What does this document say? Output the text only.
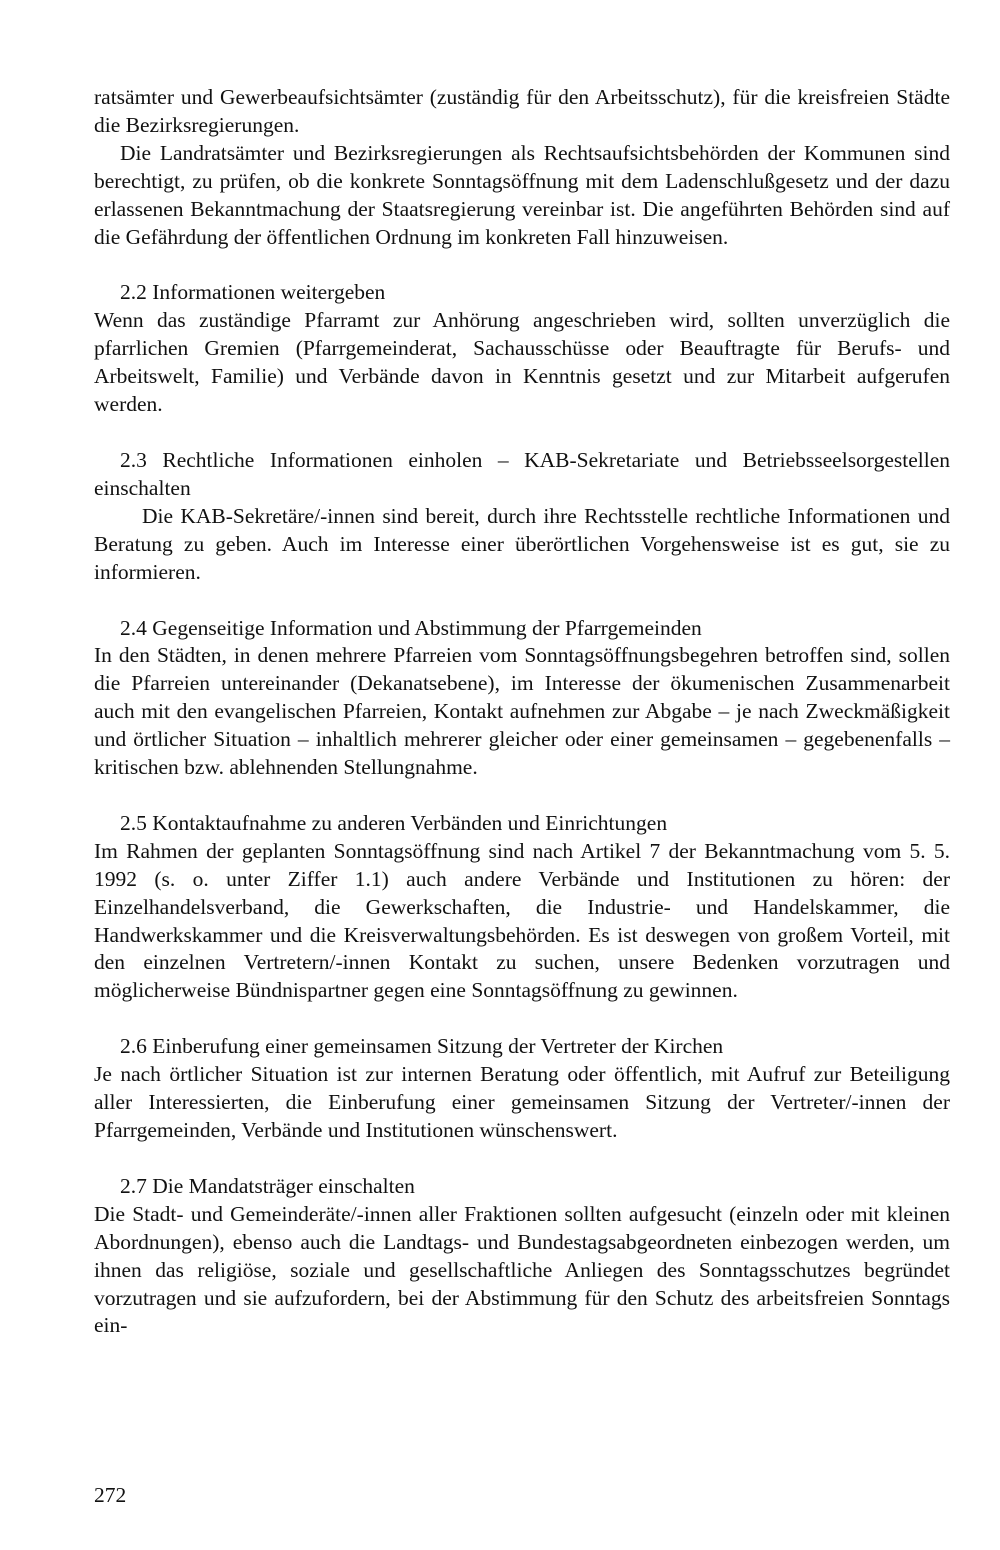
ratsämter und Gewerbeaufsichtsämter (zuständig für den Arbeitsschutz), für die kreisfreien Städte die Bezirksregierungen.

Die Landratsämter und Bezirksregierungen als Rechtsaufsichtsbehörden der Kommunen sind berechtigt, zu prüfen, ob die konkrete Sonntagsöffnung mit dem Ladenschlußgesetz und der dazu erlassenen Bekanntmachung der Staatsregierung vereinbar ist. Die angeführten Behörden sind auf die Gefährdung der öffentlichen Ordnung im konkreten Fall hinzuweisen.

2.2 Informationen weitergeben

Wenn das zuständige Pfarramt zur Anhörung angeschrieben wird, sollten unverzüglich die pfarrlichen Gremien (Pfarrgemeinderat, Sachausschüsse oder Beauftragte für Berufs- und Arbeitswelt, Familie) und Verbände davon in Kenntnis gesetzt und zur Mitarbeit aufgerufen werden.

2.3 Rechtliche Informationen einholen – KAB-Sekretariate und Betriebsseelsorgestellen einschalten

Die KAB-Sekretäre/-innen sind bereit, durch ihre Rechtsstelle rechtliche Informationen und Beratung zu geben. Auch im Interesse einer überörtlichen Vorgehensweise ist es gut, sie zu informieren.

2.4 Gegenseitige Information und Abstimmung der Pfarrgemeinden

In den Städten, in denen mehrere Pfarreien vom Sonntagsöffnungsbegehren betroffen sind, sollen die Pfarreien untereinander (Dekanatsebene), im Interesse der ökumenischen Zusammenarbeit auch mit den evangelischen Pfarreien, Kontakt aufnehmen zur Abgabe – je nach Zweckmäßigkeit und örtlicher Situation – inhaltlich mehrerer gleicher oder einer gemeinsamen – gegebenenfalls – kritischen bzw. ablehnenden Stellungnahme.

2.5 Kontaktaufnahme zu anderen Verbänden und Einrichtungen

Im Rahmen der geplanten Sonntagsöffnung sind nach Artikel 7 der Bekanntmachung vom 5. 5. 1992 (s. o. unter Ziffer 1.1) auch andere Verbände und Institutionen zu hören: der Einzelhandelsverband, die Gewerkschaften, die Industrie- und Handelskammer, die Handwerkskammer und die Kreisverwaltungsbehörden. Es ist deswegen von großem Vorteil, mit den einzelnen Vertretern/-innen Kontakt zu suchen, unsere Bedenken vorzutragen und möglicherweise Bündnispartner gegen eine Sonntagsöffnung zu gewinnen.

2.6 Einberufung einer gemeinsamen Sitzung der Vertreter der Kirchen

Je nach örtlicher Situation ist zur internen Beratung oder öffentlich, mit Aufruf zur Beteiligung aller Interessierten, die Einberufung einer gemeinsamen Sitzung der Vertreter/-innen der Pfarrgemeinden, Verbände und Institutionen wünschenswert.

2.7 Die Mandatsträger einschalten

Die Stadt- und Gemeinderäte/-innen aller Fraktionen sollten aufgesucht (einzeln oder mit kleinen Abordnungen), ebenso auch die Landtags- und Bundestagsabgeordneten einbezogen werden, um ihnen das religiöse, soziale und gesellschaftliche Anliegen des Sonntagsschutzes begründet vorzutragen und sie aufzufordern, bei der Abstimmung für den Schutz des arbeitsfreien Sonntags ein-

272
